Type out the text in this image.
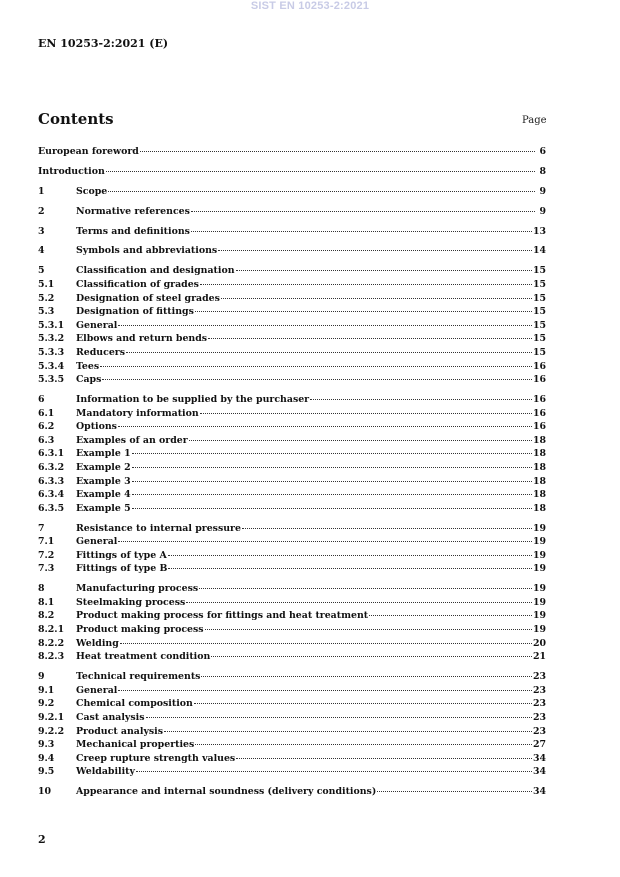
SIST EN 10253-2:2021
EN 10253-2:2021 (E)
Contents	Page
European foreword	6
Introduction	8
1	Scope	9
2	Normative references	9
3	Terms and definitions	13
4	Symbols and abbreviations	14
5	Classification and designation	15
5.1	Classification of grades	15
5.2	Designation of steel grades	15
5.3	Designation of fittings	15
5.3.1	General	15
5.3.2	Elbows and return bends	15
5.3.3	Reducers	15
5.3.4	Tees	16
5.3.5	Caps	16
6	Information to be supplied by the purchaser	16
6.1	Mandatory information	16
6.2	Options	16
6.3	Examples of an order	18
6.3.1	Example 1	18
6.3.2	Example 2	18
6.3.3	Example 3	18
6.3.4	Example 4	18
6.3.5	Example 5	18
7	Resistance to internal pressure	19
7.1	General	19
7.2	Fittings of type A	19
7.3	Fittings of type B	19
8	Manufacturing process	19
8.1	Steelmaking process	19
8.2	Product making process for fittings and heat treatment	19
8.2.1	Product making process	19
8.2.2	Welding	20
8.2.3	Heat treatment condition	21
9	Technical requirements	23
9.1	General	23
9.2	Chemical composition	23
9.2.1	Cast analysis	23
9.2.2	Product analysis	23
9.3	Mechanical properties	27
9.4	Creep rupture strength values	34
9.5	Weldability	34
10	Appearance and internal soundness (delivery conditions)	34
2
